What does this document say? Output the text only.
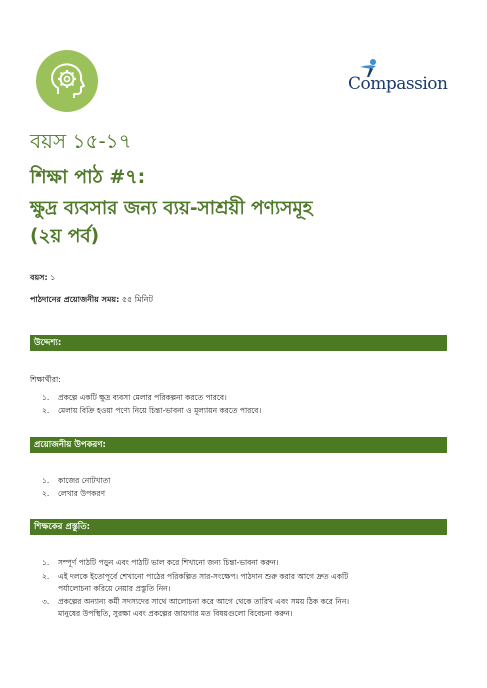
Compassion
বয়স ১৫-১৭
শিক্ষা পাঠ #৭:
ক্ষুদ্র ব্যবসার জন্য ব্যয়-সাশ্রয়ী পণ্যসমূহ
(২য় পর্ব)
বয়স: ১
পাঠদানের প্রয়োজনীয় সময়: ৫৫ মিনিট
উদ্দেশ্য:
শিক্ষার্থীরা:
১.	প্রকল্পে একটি ক্ষুদ্র ব্যবসা মেলার পরিকল্পনা করতে পারবে।
২.	মেলায় বিক্রি হওয়া পণ্যে নিয়ে চিন্তা-ভাবনা ও মূল্যায়ন করতে পারবে।
প্রয়োজনীয় উপকরণ:
১.	কাজের নোটখাতা
২.	লেখার উপকরণ
শিক্ষকের প্রস্তুতি:
১.	সম্পূর্ণ পাঠটি পড়ুন এবং পাঠটি ভাল করে শিখানো জন্য চিন্তা-ভাবনা করুন।
২.	এই দলকে ইতোপূর্বে শেখানো পাঠের পরিকল্পিত সার-সংক্ষেপ। পাঠদান শুরু করার আগে দ্রুত একটি
পর্যালোচনা করিয়ে নেয়ার প্রস্তুতি নিন।
৩.	প্রকল্পের অন্যান্য কর্মী সদস্যদের সাথে আলোচনা করে আগে থেকে তারিখ এবং সময় ঠিক করে নিন।
মানুষের উপস্থিতি, সুরক্ষা এবং প্রকল্পের জায়গার মত বিষয়গুলো বিবেচনা করুন।
